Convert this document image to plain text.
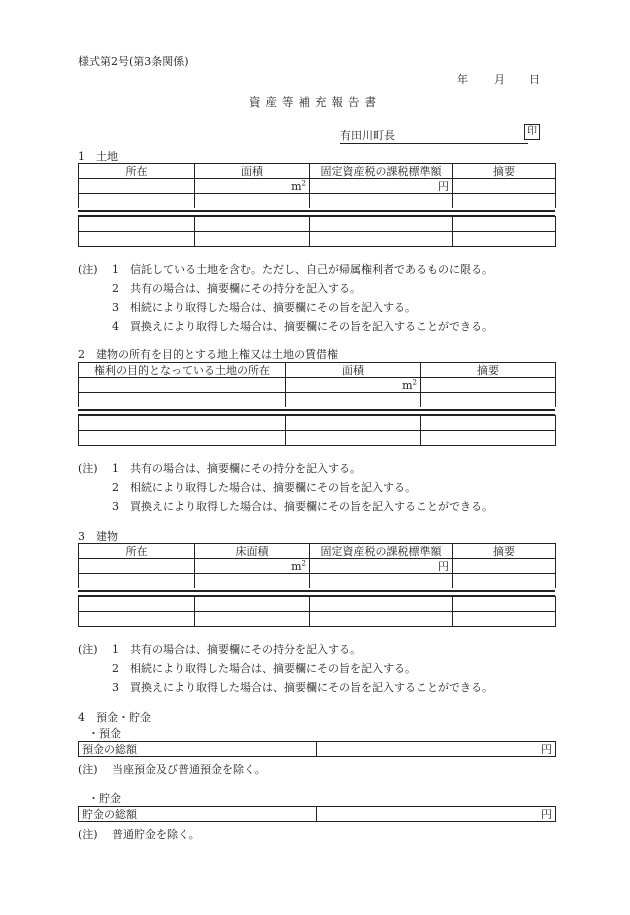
様式第2号(第3条関係)
年 月 日
資産等補充報告書
有田川町長	印
1　土地
所在	面積	固定資産税の課税標準額	摘要
	$m^2$	円	

(注) 1　信託している土地を含む。ただし、自己が帰属権利者であるものに限る。
2　共有の場合は、摘要欄にその持分を記入する。
3　相続により取得した場合は、摘要欄にその旨を記入する。
4　買換えにより取得した場合は、摘要欄にその旨を記入することができる。
2　建物の所有を目的とする地上権又は土地の賃借権
権利の目的となっている土地の所在	面積	摘要
	$m^2$	

(注) 1　共有の場合は、摘要欄にその持分を記入する。
2　相続により取得した場合は、摘要欄にその旨を記入する。
3　買換えにより取得した場合は、摘要欄にその旨を記入することができる。
3　建物
所在	床面積	固定資産税の課税標準額	摘要
	$m^2$	円	

(注) 1　共有の場合は、摘要欄にその持分を記入する。
2　相続により取得した場合は、摘要欄にその旨を記入する。
3　買換えにより取得した場合は、摘要欄にその旨を記入することができる。
4　預金・貯金
・預金
預金の総額	円
(注) 当座預金及び普通預金を除く。
・貯金
貯金の総額	円
(注) 普通貯金を除く。
